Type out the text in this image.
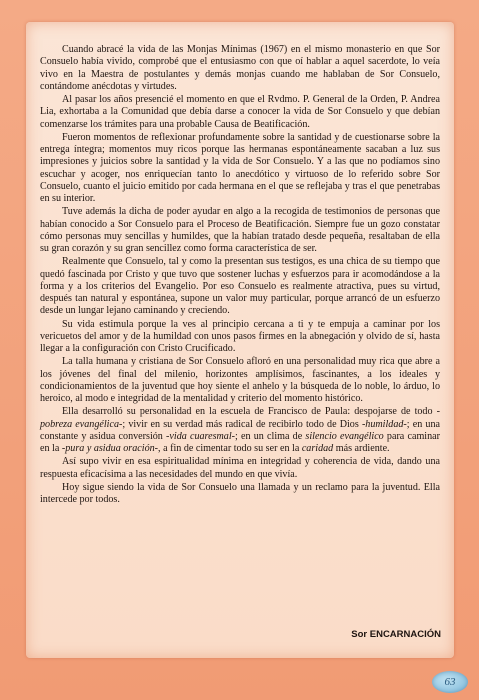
Cuando abracé la vida de las Monjas Mínimas (1967) en el mismo monasterio en que Sor Consuelo había vivido, comprobé que el entusiasmo con que oí hablar a aquel sacerdote, lo veía vivo en la Maestra de postulantes y demás monjas cuando me hablaban de Sor Consuelo, contándome anécdotas y virtudes.

Al pasar los años presencié el momento en que el Rvdmo. P. General de la Orden, P. Andrea Lia, exhortaba a la Comunidad que debía darse a conocer la vida de Sor Consuelo y que debían comenzarse los trámites para una probable Causa de Beatificación.

Fueron momentos de reflexionar profundamente sobre la santidad y de cuestionarse sobre la entrega íntegra; momentos muy ricos porque las hermanas espontáneamente sacaban a luz sus impresiones y juicios sobre la santidad y la vida de Sor Consuelo. Y a las que no podíamos sino escuchar y acoger, nos enriquecían tanto lo anecdótico y virtuoso de lo referido sobre Sor Consuelo, cuanto el juicio emitido por cada hermana en el que se reflejaba y tras el que penetrabas en su interior.

Tuve además la dicha de poder ayudar en algo a la recogida de testimonios de personas que habían conocido a Sor Consuelo para el Proceso de Beatificación. Siempre fue un gozo constatar cómo personas muy sencillas y humildes, que la habían tratado desde pequeña, resaltaban de ella su gran corazón y su gran sencillez como forma característica de ser.

Realmente que Consuelo, tal y como la presentan sus testigos, es una chica de su tiempo que quedó fascinada por Cristo y que tuvo que sostener luchas y esfuerzos para ir acomodándose a la forma y a los criterios del Evangelio. Por eso Consuelo es realmente atractiva, pues su virtud, después tan natural y espontánea, supone un valor muy particular, porque arrancó de un esfuerzo desde un lungar lejano caminando y creciendo.

Su vida estimula porque la ves al principio cercana a ti y te empuja a caminar por los vericuetos del amor y de la humildad con unos pasos firmes en la abnegación y olvido de sí, hasta llegar a la configuración con Cristo Crucificado.

La talla humana y cristiana de Sor Consuelo afloró en una personalidad muy rica que abre a los jóvenes del final del milenio, horizontes amplísimos, fascinantes, a los ideales y condicionamientos de la juventud que hoy siente el anhelo y la búsqueda de lo noble, lo árduo, lo heroico, al modo e integridad de la mentalidad y criterio del momento histórico.

Ella desarrolló su personalidad en la escuela de Francisco de Paula: despojarse de todo -pobreza evangélica-; vivir en su verdad más radical de recibirlo todo de Dios -humildad-; en una constante y asidua conversión -vida cuaresmal-; en un clima de silencio evangélico para caminar en la -pura y asidua oración-, a fin de cimentar todo su ser en la caridad más ardiente.

Así supo vivir en esa espiritualidad mínima en integridad y coherencia de vida, dando una respuesta eficacísima a las necesidades del mundo en que vivía.

Hoy sigue siendo la vida de Sor Consuelo una llamada y un reclamo para la juventud. Ella intercede por todos.

Sor ENCARNACIÓN
63
